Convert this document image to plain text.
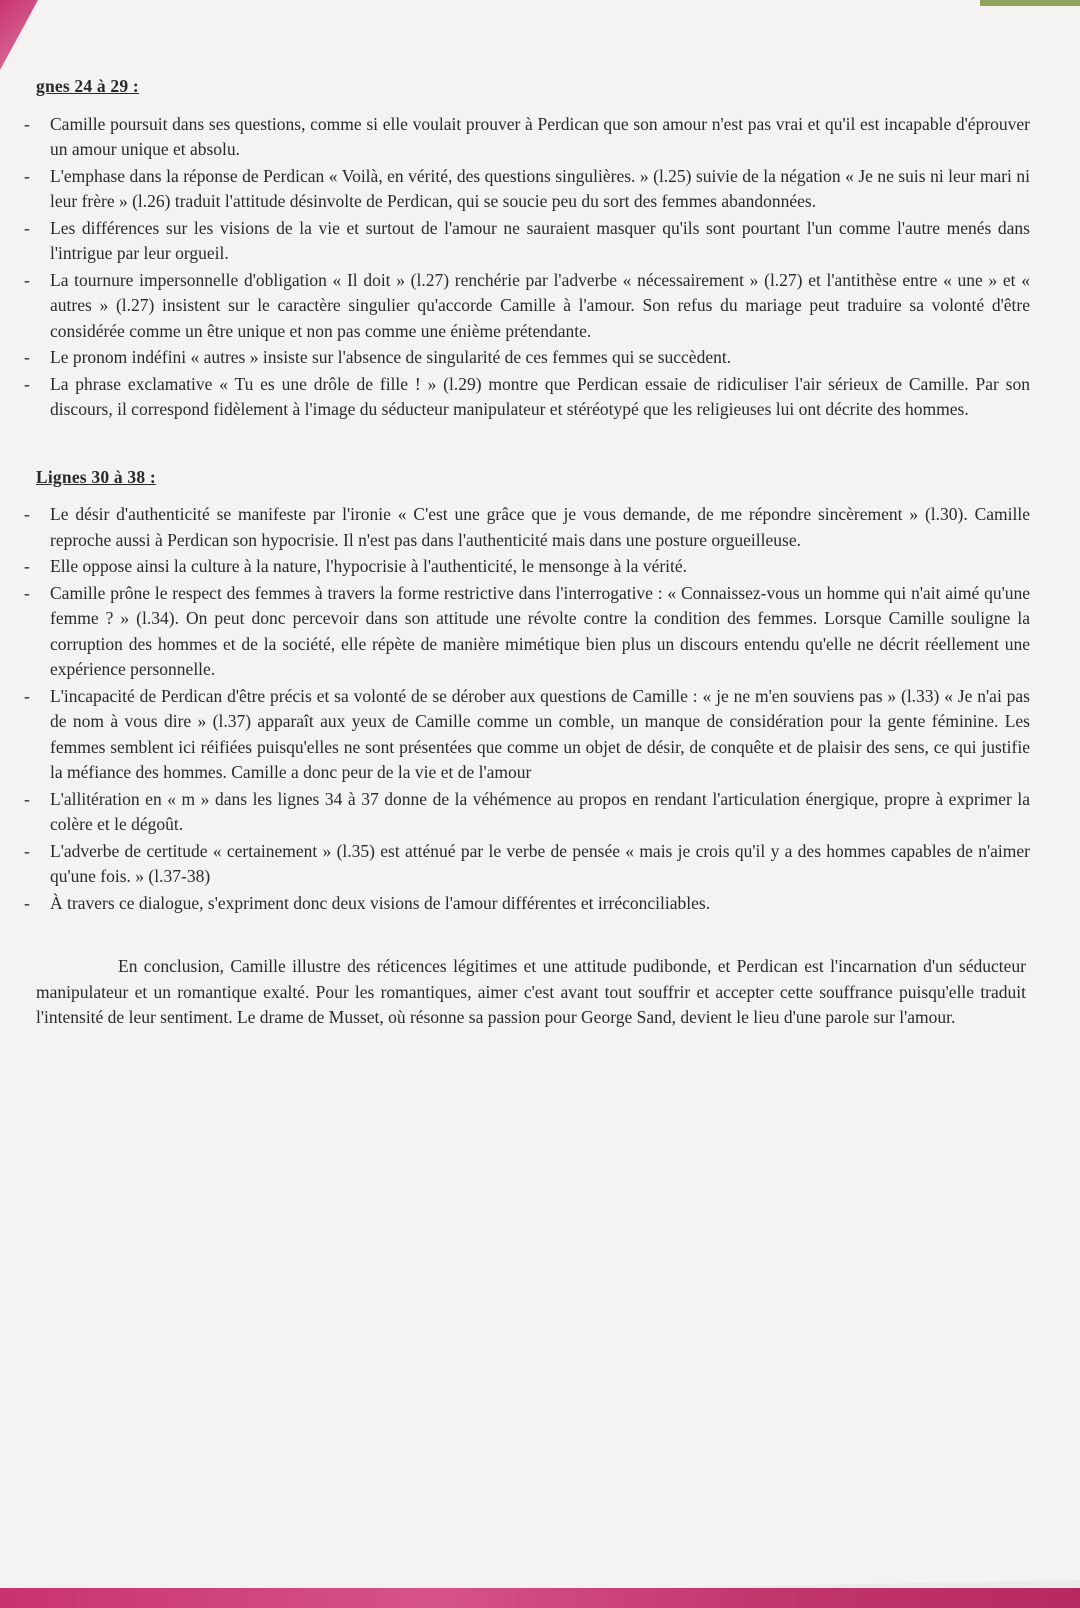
gnes 24 à 29 :
- Camille poursuit dans ses questions, comme si elle voulait prouver à Perdican que son amour n'est pas vrai et qu'il est incapable d'éprouver un amour unique et absolu.
- L'emphase dans la réponse de Perdican « Voilà, en vérité, des questions singulières. » (l.25) suivie de la négation « Je ne suis ni leur mari ni leur frère » (l.26) traduit l'attitude désinvolte de Perdican, qui se soucie peu du sort des femmes abandonnées.
- Les différences sur les visions de la vie et surtout de l'amour ne sauraient masquer qu'ils sont pourtant l'un comme l'autre menés dans l'intrigue par leur orgueil.
- La tournure impersonnelle d'obligation « Il doit » (l.27) renchérie par l'adverbe « nécessairement » (l.27) et l'antithèse entre « une » et « autres » (l.27) insistent sur le caractère singulier qu'accorde Camille à l'amour. Son refus du mariage peut traduire sa volonté d'être considérée comme un être unique et non pas comme une énième prétendante.
- Le pronom indéfini « autres » insiste sur l'absence de singularité de ces femmes qui se succèdent.
- La phrase exclamative « Tu es une drôle de fille ! » (l.29) montre que Perdican essaie de ridiculiser l'air sérieux de Camille. Par son discours, il correspond fidèlement à l'image du séducteur manipulateur et stéréotypé que les religieuses lui ont décrite des hommes.
Lignes 30 à 38 :
- Le désir d'authenticité se manifeste par l'ironie « C'est une grâce que je vous demande, de me répondre sincèrement » (l.30). Camille reproche aussi à Perdican son hypocrisie. Il n'est pas dans l'authenticité mais dans une posture orgueilleuse.
- Elle oppose ainsi la culture à la nature, l'hypocrisie à l'authenticité, le mensonge à la vérité.
- Camille prône le respect des femmes à travers la forme restrictive dans l'interrogative : « Connaissez-vous un homme qui n'ait aimé qu'une femme ? » (l.34). On peut donc percevoir dans son attitude une révolte contre la condition des femmes. Lorsque Camille souligne la corruption des hommes et de la société, elle répète de manière mimétique bien plus un discours entendu qu'elle ne décrit réellement une expérience personnelle.
- L'incapacité de Perdican d'être précis et sa volonté de se dérober aux questions de Camille : « je ne m'en souviens pas » (l.33) « Je n'ai pas de nom à vous dire » (l.37) apparaît aux yeux de Camille comme un comble, un manque de considération pour la gente féminine. Les femmes semblent ici réifiées puisqu'elles ne sont présentées que comme un objet de désir, de conquête et de plaisir des sens, ce qui justifie la méfiance des hommes. Camille a donc peur de la vie et de l'amour
- L'allitération en « m » dans les lignes 34 à 37 donne de la véhémence au propos en rendant l'articulation énergique, propre à exprimer la colère et le dégoût.
- L'adverbe de certitude « certainement » (l.35) est atténué par le verbe de pensée « mais je crois qu'il y a des hommes capables de n'aimer qu'une fois. » (l.37-38)
- À travers ce dialogue, s'expriment donc deux visions de l'amour différentes et irréconciliables.

En conclusion, Camille illustre des réticences légitimes et une attitude pudibonde, et Perdican est l'incarnation d'un séducteur manipulateur et un romantique exalté. Pour les romantiques, aimer c'est avant tout souffrir et accepter cette souffrance puisqu'elle traduit l'intensité de leur sentiment. Le drame de Musset, où résonne sa passion pour George Sand, devient le lieu d'une parole sur l'amour.
